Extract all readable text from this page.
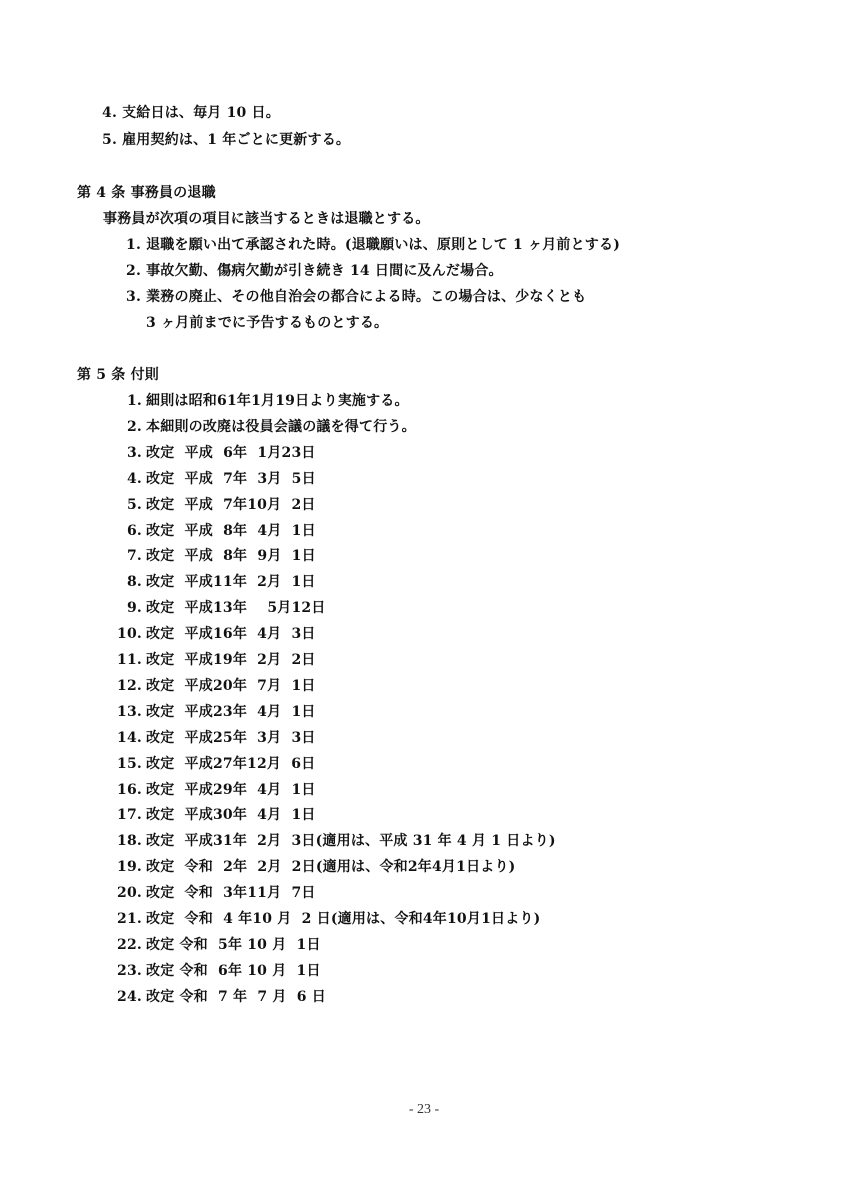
4. 支給日は、毎月 10 日。
5. 雇用契約は、1 年ごとに更新する。
第 4 条 事務員の退職
事務員が次項の項目に該当するときは退職とする。
1. 退職を願い出て承認された時。(退職願いは、原則として 1 ヶ月前とする)
2. 事故欠勤、傷病欠勤が引き続き 14 日間に及んだ場合。
3. 業務の廃止、その他自治会の都合による時。この場合は、少なくとも
3 ヶ月前までに予告するものとする。
第 5 条 付則
1. 細則は昭和61年1月19日より実施する。
2. 本細則の改廃は役員会議の議を得て行う。
3. 改定  平成  6年  1月23日
4. 改定  平成  7年  3月  5日
5. 改定  平成  7年10月  2日
6. 改定  平成  8年  4月  1日
7. 改定  平成  8年  9月  1日
8. 改定  平成11年  2月  1日
9. 改定  平成13年    5月12日
10. 改定  平成16年  4月  3日
11. 改定  平成19年  2月  2日
12. 改定  平成20年  7月  1日
13. 改定  平成23年  4月  1日
14. 改定  平成25年  3月  3日
15. 改定  平成27年12月  6日
16. 改定  平成29年  4月  1日
17. 改定  平成30年  4月  1日
18. 改定  平成31年  2月  3日(適用は、平成 31 年 4 月 1 日より)
19. 改定  令和  2年  2月  2日(適用は、令和2年4月1日より)
20. 改定  令和  3年11月  7日
21. 改定  令和  4 年10 月  2 日(適用は、令和4年10月1日より)
22. 改定 令和  5年 10 月  1日
23. 改定 令和  6年 10 月  1日
24. 改定 令和  7 年  7 月  6 日
- 23 -
